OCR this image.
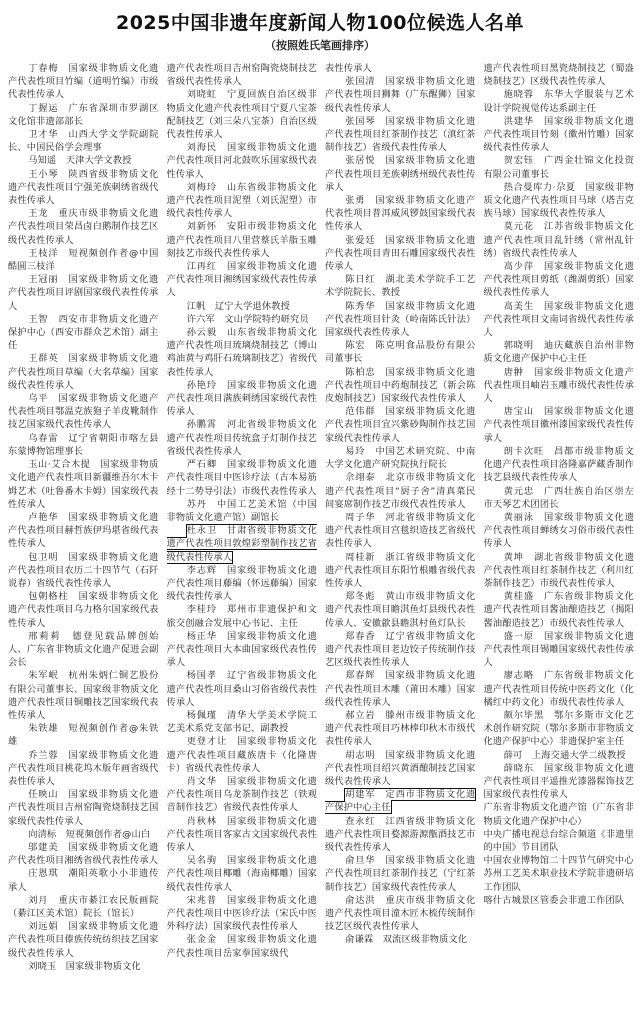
2025中国非遗年度新闻人物100位候选人名单
（按照姓氏笔画排序）

丁春梅  国家级非物质文化遗产代表性项目竹编（道明竹编）市级代表性传承人

丁握运  广东省深圳市罗湖区文化馆非遗部部长

卫才华  山西大学文学院副院长、中国民俗学会理事

马知遥  天津大学文教授

王小琴  陕西省级非物质文化遗产代表性项目宁强羌族刺绣省级代表性传承人

王龙  重庆市级非物质文化遗产代表性项目荣昌卤白鹅制作技艺区级代表性传承人

王枝洋  短视频创作者@中国酷圆三枝洋

王冠丽  国家级非物质文化遗产代表性项目评剧国家级代表性传承人

王智  西安市非物质文化遗产保护中心（西安市群众艺术馆）副主任

王群英  国家级非物质文化遗产代表性项目草编（大名草编）国家级代表性传承人

乌平  国家级非物质文化遗产代表性项目鄂温克族狍子羊皮靴制作技艺国家级代表性传承人

乌春雷  辽宁省朝阳市喀左县东蒙博物馆理事长

玉山·艾合木提  国家级非物质文化遗产代表性项目新疆维吾尔木卡姆艺术（吐鲁番木卡姆）国家级代表性传承人

卢艳华  国家级非物质文化遗产代表性项目赫哲族伊玛堪省级代表性传承人

包卫明  国家级非物质文化遗产代表性项目农历二十四节气（石阡说春）省级代表性传承人

包朝格柱  国家级非物质文化遗产代表性项目乌力格尔国家级代表性传承人

邢莉莉  德登见载品牌创始人、广东省非物质文化遗产促进会副会长

朱军岷  杭州朱炳仁铜艺股份有限公司董事长、国家级非物质文化遗产代表性项目铜雕技艺国家级代表性传承人

朱铁雄  短视频创作者@朱铁雄

乔兰蓉  国家级非物质文化遗产代表性项目桃花坞木版年画省级代表性传承人

任映山  国家级非物质文化遗产代表性项目吉州窑陶瓷烧制技艺国家级代表性传承人

向清标  短视频创作者@山白

邬建美  国家级非物质文化遗产代表性项目湘绣省级代表性传承人

庄恩琪  潮阳英歌小小非遗传承人

刘月  重庆市綦江农民版画院（綦江区美术馆）院长（馆长）

刘远娟  国家级非物质文化遗产代表性项目傣族传统纺织技艺国家级代表性传承人

刘晓玉  国家级非物质文化

遗产代表性项目吉州窑陶瓷烧制技艺省级代表性传承人

刘晓虹  宁夏回族自治区级非物质文化遗产代表性项目宁夏八宝茶配制技艺（刘三朵八宝茶）自治区级代表性传承人

刘海民  国家级非物质文化遗产代表性项目河北鼓吹乐国家级代表性传承人

刘梅玲  山东省级非物质文化遗产代表性项目泥塑（刘氏泥塑）市级代表性传承人

刘新怀  安阳市级非物质文化遗产代表性项目八里营蔡氏羊脂玉雕刻技艺市级代表性传承人

江再红  国家级非物质文化遗产代表性项目湘绣国家级代表性传承人

江帆  辽宁大学退休教授

许六军  文山学院特约研究员

孙云毅  山东省级非物质文化遗产代表性项目琉璃烧制技艺（博山鸡油黄与鸡肝石琉璃制技艺）省级代表性传承人

孙艳玲  国家级非物质文化遗产代表性项目满族刺绣国家级代表性传承人

孙鹏霄  河北省级非物质文化遗产代表性项目传统盒子灯制作技艺省级代表性传承人

严石卿  国家级非物质文化遗产代表性项目中医诊疗法（古本易筋经十二势导引法）市级代表性传承人

苏丹  中国工艺美术馆（中国非物质文化遗产馆）副馆长

杜永卫  甘肃省级非物质文化遗产代表性项目敦煌彩塑制作技艺省级代表性传承人

李志辉  国家级非物质文化遗产代表性项目藤编（怀远藤编）国家级代表性传承人

李桂玲  郑州市非遗保护和文旅交创融合发展中心书记、主任

杨正华  国家级非物质文化遗产代表性项目大本曲国家级代表性传承人

杨国孝  辽宁省级非物质文化遗产代表性项目桑山习俗省级代表性传承人

杨佩瑾  清华大学美术学院工艺美术系党支部书记、副教授

更登才让  国家级非物质文化遗产代表性项目藏族唐卡（化隆唐卡）省级代表性传承人

肖文华  国家级非物质文化遗产代表性项目乌龙茶制作技艺（铁观音制作技艺）省级代表性传承人

肖秋林  国家级非物质文化遗产代表性项目客家古文国家级代表性传承人

吴名驹  国家级非物质文化遗产代表性项目椰雕（海南椰雕）国家级代表性传承人

宋兆普  国家级非物质文化遗产代表性项目中医诊疗法（宋氏中医外科疗法）国家级代表性传承人

张金金  国家级非物质文化遗产代表性项目岳家拳国家级代

表性传承人

张国清  国家级非物质文化遗产代表性项目狮舞（广东醒狮）国家级代表性传承人

张国琴  国家级非物质文化遗产代表性项目红茶制作技艺（滇红茶制作技艺）省级代表性传承人

张居悦  国家级非物质文化遗产代表性项目羌族刺绣州级代表性传承人

张勇  国家级非物质文化遗产代表性项目普洱威风锣鼓国家级代表性传承人

张爱廷  国家级非物质文化遗产代表性项目青田石雕国家级代表性传承人

陈日红  湖北美术学院手工艺术学院院长、教授

陈秀华  国家级非物质文化遗产代表性项目针灸（岭南陈氏针法）国家级代表性传承人

陈宏  陈克明食品股份有限公司董事长

陈柏忠  国家级非物质文化遗产代表性项目中药炮制技艺（新会陈皮炮制技艺）国家级代表性传承人

范伟群  国家级非物质文化遗产代表性项目宜兴紫砂陶制作技艺国家级代表性传承人

易玲  中国艺术研究院、中南大学文化遗产研究院执行院长

佘翊泰  北京市级非物质文化遗产代表性项目“厨子舍”清真菜民间宴席制作技艺市级代表性传承人

周子华  河北省级非物质文化遗产代表性项目宫毯织造技艺省级代表性传承人

周桂新  浙江省级非物质文化遗产代表性项目东阳竹根雕省级代表性传承人

郑冬彪  黄山市级非物质文化遗产代表性项目瞻淇鱼灯县级代表性传承人、安徽歙县瞻淇村鱼灯队长

郑春香  辽宁省级非物质文化遗产代表性项目老边饺子传统制作技艺区级代表性传承人

郑春辉  国家级非物质文化遗产代表性项目木雕（莆田木雕）国家级代表性传承人

郝立岩  滕州市级非物质文化遗产代表性项目巧林棒印秋木市级代表性传承人

胡志明  国家级非物质文化遗产代表性项目绍兴黄酒酿制技艺国家级代表性传承人

胡建军  定西市非物质文化遗产保护中心主任

查永红  江西省级非物质文化遗产代表性项目婺源游源甑酒技艺市级代表性传承人

俞旦华  国家级非物质文化遗产代表性项目红茶制作技艺（宁红茶制作技艺）国家级代表性传承人

俞达洪  重庆市级非物质文化遗产代表性项目潼木匠木梳传统制作技艺区级代表性传承人

俞谦霖  双流区级非物质文化

遗产代表性项目黑瓷烧制技艺（蜀盎烧制技艺）区级代表性传承人

施晓蓉  东华大学服装与艺术设计学院视觉传达系副主任

洪建华  国家级非物质文化遗产代表性项目竹刻（徽州竹雕）国家级代表性传承人

贺宏钰  广西金壮锦文化投资有限公司董事长

热合曼库力·尕夏  国家级非物质文化遗产代表性项目马球（塔吉克族马球）国家级代表性传承人

莫元花  江苏省级非物质文化遗产代表性项目乱针绣（常州乱针绣）省级代表性传承人

高少萍  国家级非物质文化遗产代表性项目剪纸（潍湖剪纸）国家级代表性传承人

高美生  国家级非物质文化遗产代表性项目文南词省级代表性传承人

郭晓明  迪庆藏族自治州非物质文化遗产保护中心主任

唐翀  国家级非物质文化遗产代表性项目岫岩玉雕市级代表性传承人

唐宝山  国家级非物质文化遗产代表性项目徽州漆国家级代表性传承人

朗卡次旺  昌都市级非物质文化遗产代表性项目洛隆嘉萨藏香制作技艺县级代表性传承人

黄元忠  广西壮族自治区崇左市天琴艺术团团长

黄丽泳  国家级非物质文化遗产代表性项目蝉绣女习俗市级代表性传承人

黄坤  湖北省级非物质文化遗产代表性项目红茶制作技艺（利川红茶制作技艺）市级代表性传承人

黄桂盛  广东省级非物质文化遗产代表性项目酱油酿造技艺（揭阳酱油酿造技艺）市级代表性传承人

盛一原  国家级非物质文化遗产代表性项目锡雕国家级代表性传承人

廖志略  广东省级非物质文化遗产代表性项目传统中医药文化（化橘红中药文化）市级代表性传承人

颇尔毕黑  鄂尔多斯市文化艺术创作研究院（鄂尔多斯市非物质文化遗产保护中心）非遗保护室主任

薛可  上海交通大学二级教授

薛晓东  国家级非物质文化遗产代表性项目平遥推光漆器髹饰技艺国家级代表性传承人

广东省非物质文化遗产馆（广东省非物质文化遗产保护中心）

中央广播电视总台综合频道《非遗里的中国》节目团队

中国农业博物馆二十四节气研究中心

苏州工艺美术职业技术学院非遗研培工作团队

喀什古城景区管委会非遗工作团队
